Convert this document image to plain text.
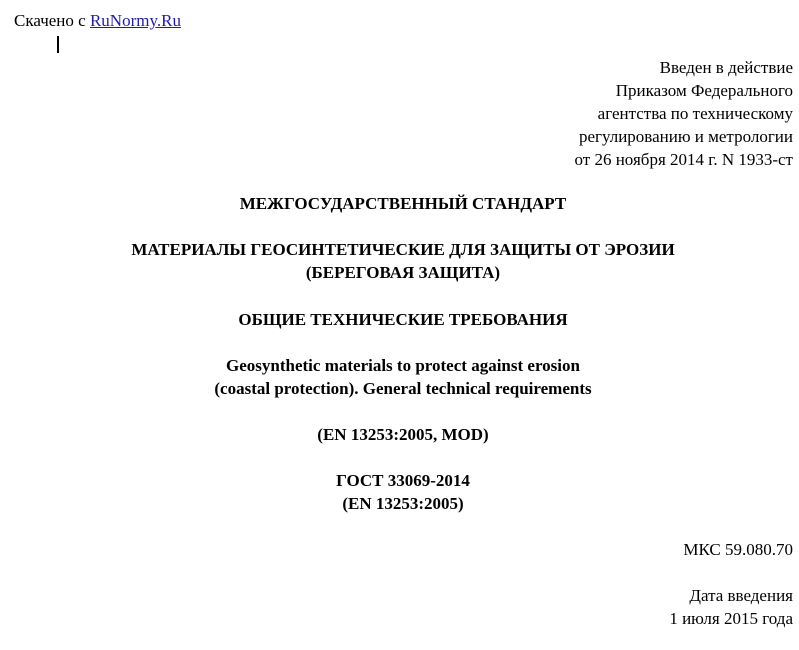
Скачено с RuNormy.Ru
Введен в действие
Приказом Федерального
агентства по техническому
регулированию и метрологии
от 26 ноября 2014 г. N 1933-ст
МЕЖГОСУДАРСТВЕННЫЙ СТАНДАРТ
МАТЕРИАЛЫ ГЕОСИНТЕТИЧЕСКИЕ ДЛЯ ЗАЩИТЫ ОТ ЭРОЗИИ
(БЕРЕГОВАЯ ЗАЩИТА)
ОБЩИЕ ТЕХНИЧЕСКИЕ ТРЕБОВАНИЯ
Geosynthetic materials to protect against erosion
(coastal protection). General technical requirements
(EN 13253:2005, MOD)
ГОСТ 33069-2014
(EN 13253:2005)
МКС 59.080.70
Дата введения
1 июля 2015 года
